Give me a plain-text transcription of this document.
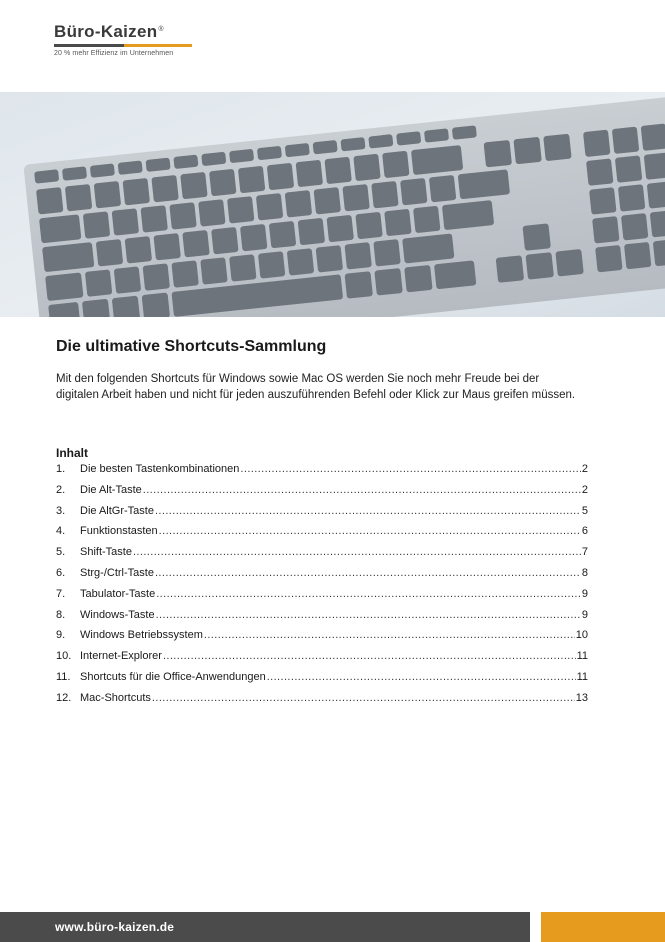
Büro-Kaizen®
20 % mehr Effizienz im Unternehmen
Die ultimative Shortcuts-Sammlung
Mit den folgenden Shortcuts für Windows sowie Mac OS werden Sie noch mehr Freude bei der digitalen Arbeit haben und nicht für jeden auszuführenden Befehl oder Klick zur Maus greifen müssen.
Inhalt
1.	Die besten Tastenkombinationen .....	2
2.	Die Alt-Taste .....	2
3.	Die AltGr-Taste .....	5
4.	Funktionstasten .....	6
5.	Shift-Taste .....	7
6.	Strg-/Ctrl-Taste .....	8
7.	Tabulator-Taste .....	9
8.	Windows-Taste .....	9
9.	Windows Betriebssystem .....	10
10. Internet-Explorer .....	11
11. Shortcuts für die Office-Anwendungen .....	11
12. Mac-Shortcuts .....	13
www.büro-kaizen.de
